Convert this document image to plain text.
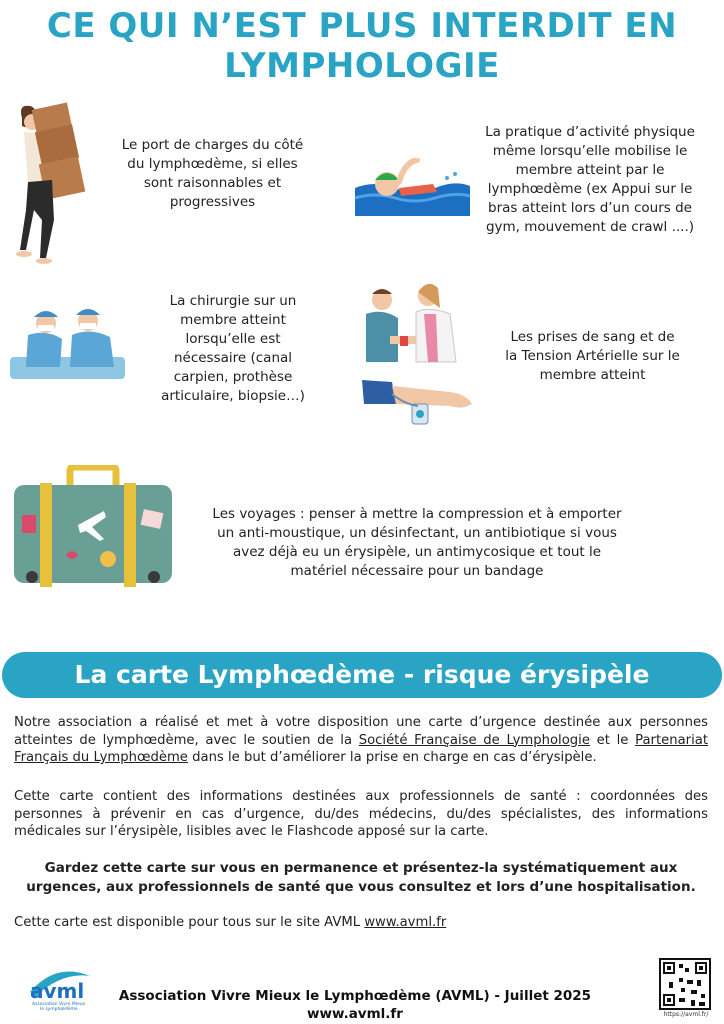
CE QUI N’EST PLUS INTERDIT EN
LYMPHOLOGIE
Le port de charges du côté
du lymphœdème, si elles
sont raisonnables et
progressives
La pratique d’activité physique
même lorsqu’elle mobilise le
membre atteint par le
lymphœdème (ex Appui sur le
bras atteint lors d’un cours de
gym, mouvement de crawl ....)
La chirurgie sur un
membre atteint
lorsqu’elle est
nécessaire (canal
carpien, prothèse
articulaire, biopsie…)
Les prises de sang et de
la Tension Artérielle sur le
membre atteint
Les voyages : penser à mettre la compression et à emporter
un anti-moustique, un désinfectant, un antibiotique si vous
avez déjà eu un érysipèle, un antimycosique et tout le
matériel nécessaire pour un bandage
La carte Lymphœdème - risque érysipèle
Notre association a réalisé et met à votre disposition une carte d’urgence destinée aux personnes atteintes de lymphœdème, avec le soutien de la Société Française de Lymphologie et le Partenariat Français du Lymphœdème dans le but d’améliorer la prise en charge en cas d’érysipèle.
Cette carte contient des informations destinées aux professionnels de santé : coordonnées des personnes à prévenir en cas d’urgence, du/des médecins, du/des spécialistes, des informations médicales sur l’érysipèle, lisibles avec le Flashcode apposé sur la carte.
Gardez cette carte sur vous en permanence et présentez-la systématiquement aux urgences, aux professionnels de santé que vous consultez et lors d’une hospitalisation.
Cette carte est disponible pour tous sur le site AVML www.avml.fr
avml
Association Vivre Mieux
le Lymphœdème
Association Vivre Mieux le Lymphœdème (AVML) - Juillet 2025
www.avml.fr	https://avml.fr/
